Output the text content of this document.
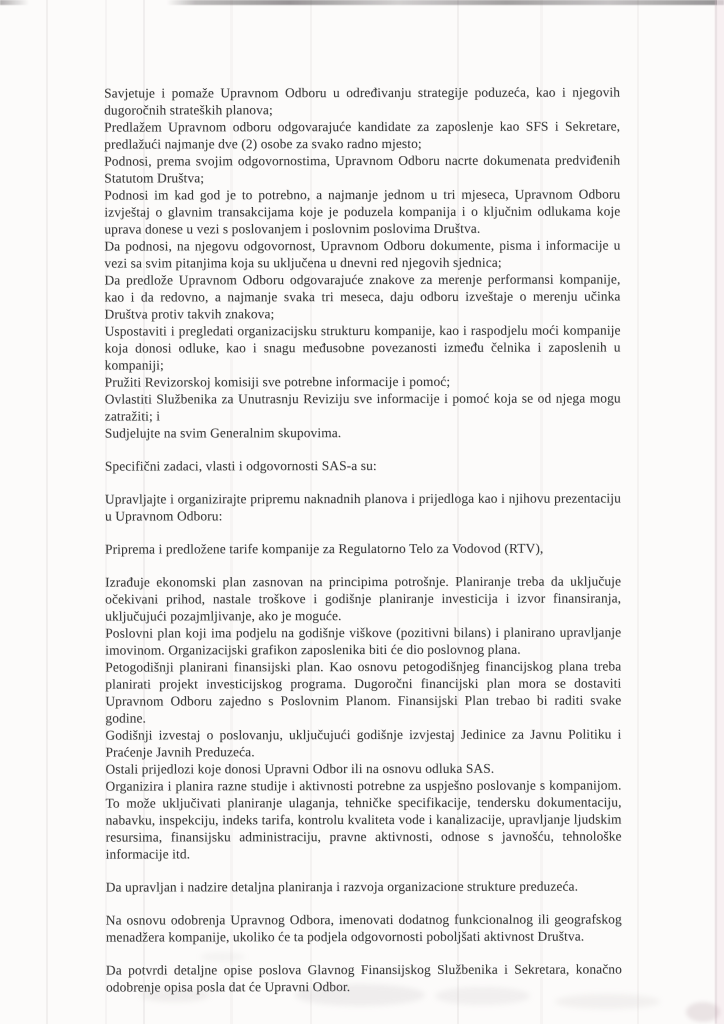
Savjetuje i pomaže Upravnom Odboru u određivanju strategije poduzeća, kao i njegovih dugoročnih strateških planova;

Predlažem Upravnom odboru odgovarajuće kandidate za zaposlenje kao SFS i Sekretare, predlažući najmanje dve (2) osobe za svako radno mjesto;

Podnosi, prema svojim odgovornostima, Upravnom Odboru nacrte dokumenata predviđenih Statutom Društva;

Podnosi im kad god je to potrebno, a najmanje jednom u tri mjeseca, Upravnom Odboru izvještaj o glavnim transakcijama koje je poduzela kompanija i o ključnim odlukama koje uprava donese u vezi s poslovanjem i poslovnim poslovima Društva.

Da podnosi, na njegovu odgovornost, Upravnom Odboru dokumente, pisma i informacije u vezi sa svim pitanjima koja su uključena u dnevni red njegovih sjednica;

Da predlože Upravnom Odboru odgovarajuće znakove za merenje performansi kompanije, kao i da redovno, a najmanje svaka tri meseca, daju odboru izveštaje o merenju učinka Društva protiv takvih znakova;

Uspostaviti i pregledati organizacijsku strukturu kompanije, kao i raspodjelu moći kompanije koja donosi odluke, kao i snagu međusobne povezanosti između čelnika i zaposlenih u kompaniji;

Pružiti Revizorskoj komisiji sve potrebne informacije i pomoć;

Ovlastiti Službenika za Unutrasnju Reviziju sve informacije i pomoć koja se od njega mogu zatražiti; i

Sudjelujte na svim Generalnim skupovima.

Specifični zadaci, vlasti i odgovornosti SAS-a su:

Upravljajte i organizirajte pripremu naknadnih planova i prijedloga kao i njihovu prezentaciju u Upravnom Odboru:

Priprema i predložene tarife kompanije za Regulatorno Telo za Vodovod (RTV),

Izrađuje ekonomski plan zasnovan na principima potrošnje. Planiranje treba da uključuje očekivani prihod, nastale troškove i godišnje planiranje investicija i izvor finansiranja, uključujući pozajmljivanje, ako je moguće.

Poslovni plan koji ima podjelu na godišnje viškove (pozitivni bilans) i planirano upravljanje imovinom. Organizacijski grafikon zaposlenika biti će dio poslovnog plana.

Petogodišnji planirani finansijski plan. Kao osnovu petogodišnjeg financijskog plana treba planirati projekt investicijskog programa. Dugoročni financijski plan mora se dostaviti Upravnom Odboru zajedno s Poslovnim Planom. Finansijski Plan trebao bi raditi svake godine.

Godišnji izvestaj o poslovanju, uključujući godišnje izvjestaj Jedinice za Javnu Politiku i Praćenje Javnih Preduzeća.

Ostali prijedlozi koje donosi Upravni Odbor ili na osnovu odluka SAS.

Organizira i planira razne studije i aktivnosti potrebne za uspješno poslovanje s kompanijom. To može uključivati planiranje ulaganja, tehničke specifikacije, tendersku dokumentaciju, nabavku, inspekciju, indeks tarifa, kontrolu kvaliteta vode i kanalizacije, upravljanje ljudskim resursima, finansijsku administraciju, pravne aktivnosti, odnose s javnošću, tehnološke informacije itd.

Da upravljan i nadzire detaljna planiranja i razvoja organizacione strukture preduzeća.

Na osnovu odobrenja Upravnog Odbora, imenovati dodatnog funkcionalnog ili geografskog menadžera kompanije, ukoliko će ta podjela odgovornosti poboljšati aktivnost Društva.

Da potvrdi detaljne opise poslova Glavnog Finansijskog Službenika i Sekretara, konačno odobrenje opisa posla dat će Upravni Odbor.
